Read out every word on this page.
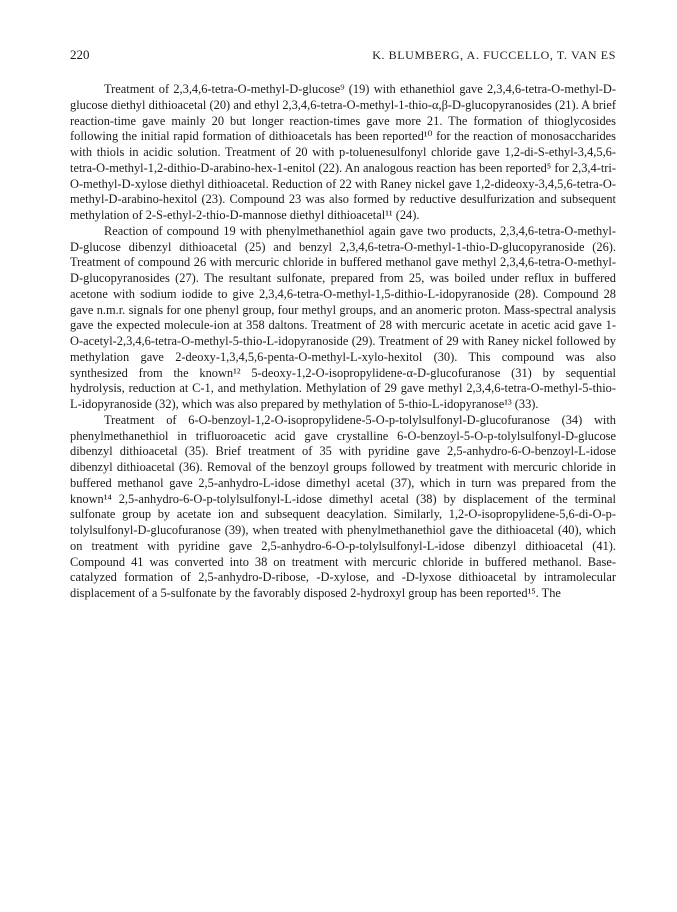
220	K. BLUMBERG, A. FUCCELLO, T. VAN ES

Treatment of 2,3,4,6-tetra-O-methyl-D-glucose⁹ (19) with ethanethiol gave 2,3,4,6-tetra-O-methyl-D-glucose diethyl dithioacetal (20) and ethyl 2,3,4,6-tetra-O-methyl-1-thio-α,β-D-glucopyranosides (21). A brief reaction-time gave mainly 20 but longer reaction-times gave more 21. The formation of thioglycosides following the initial rapid formation of dithioacetals has been reported¹⁰ for the reaction of monosaccharides with thiols in acidic solution. Treatment of 20 with p-toluenesulfonyl chloride gave 1,2-di-S-ethyl-3,4,5,6-tetra-O-methyl-1,2-dithio-D-arabino-hex-1-enitol (22). An analogous reaction has been reported⁵ for 2,3,4-tri-O-methyl-D-xylose diethyl dithioacetal. Reduction of 22 with Raney nickel gave 1,2-dideoxy-3,4,5,6-tetra-O-methyl-D-arabino-hexitol (23). Compound 23 was also formed by reductive desulfurization and subsequent methylation of 2-S-ethyl-2-thio-D-mannose diethyl dithioacetal¹¹ (24).

Reaction of compound 19 with phenylmethanethiol again gave two products, 2,3,4,6-tetra-O-methyl-D-glucose dibenzyl dithioacetal (25) and benzyl 2,3,4,6-tetra-O-methyl-1-thio-D-glucopyranoside (26). Treatment of compound 26 with mercuric chloride in buffered methanol gave methyl 2,3,4,6-tetra-O-methyl-D-glucopyranosides (27). The resultant sulfonate, prepared from 25, was boiled under reflux in buffered acetone with sodium iodide to give 2,3,4,6-tetra-O-methyl-1,5-dithio-L-idopyranoside (28). Compound 28 gave n.m.r. signals for one phenyl group, four methyl groups, and an anomeric proton. Mass-spectral analysis gave the expected molecule-ion at 358 daltons. Treatment of 28 with mercuric acetate in acetic acid gave 1-O-acetyl-2,3,4,6-tetra-O-methyl-5-thio-L-idopyranoside (29). Treatment of 29 with Raney nickel followed by methylation gave 2-deoxy-1,3,4,5,6-penta-O-methyl-L-xylo-hexitol (30). This compound was also synthesized from the known¹² 5-deoxy-1,2-O-isopropylidene-α-D-glucofuranose (31) by sequential hydrolysis, reduction at C-1, and methylation. Methylation of 29 gave methyl 2,3,4,6-tetra-O-methyl-5-thio-L-idopyranoside (32), which was also prepared by methylation of 5-thio-L-idopyranose¹³ (33).

Treatment of 6-O-benzoyl-1,2-O-isopropylidene-5-O-p-tolylsulfonyl-D-glucofuranose (34) with phenylmethanethiol in trifluoroacetic acid gave crystalline 6-O-benzoyl-5-O-p-tolylsulfonyl-D-glucose dibenzyl dithioacetal (35). Brief treatment of 35 with pyridine gave 2,5-anhydro-6-O-benzoyl-L-idose dibenzyl dithioacetal (36). Removal of the benzoyl groups followed by treatment with mercuric chloride in buffered methanol gave 2,5-anhydro-L-idose dimethyl acetal (37), which in turn was prepared from the known¹⁴ 2,5-anhydro-6-O-p-tolylsulfonyl-L-idose dimethyl acetal (38) by displacement of the terminal sulfonate group by acetate ion and subsequent deacylation. Similarly, 1,2-O-isopropylidene-5,6-di-O-p-tolylsulfonyl-D-glucofuranose (39), when treated with phenylmethanethiol gave the dithioacetal (40), which on treatment with pyridine gave 2,5-anhydro-6-O-p-tolylsulfonyl-L-idose dibenzyl dithioacetal (41). Compound 41 was converted into 38 on treatment with mercuric chloride in buffered methanol. Base-catalyzed formation of 2,5-anhydro-D-ribose, -D-xylose, and -D-lyxose dithioacetal by intramolecular displacement of a 5-sulfonate by the favorably disposed 2-hydroxyl group has been reported¹⁵. The
